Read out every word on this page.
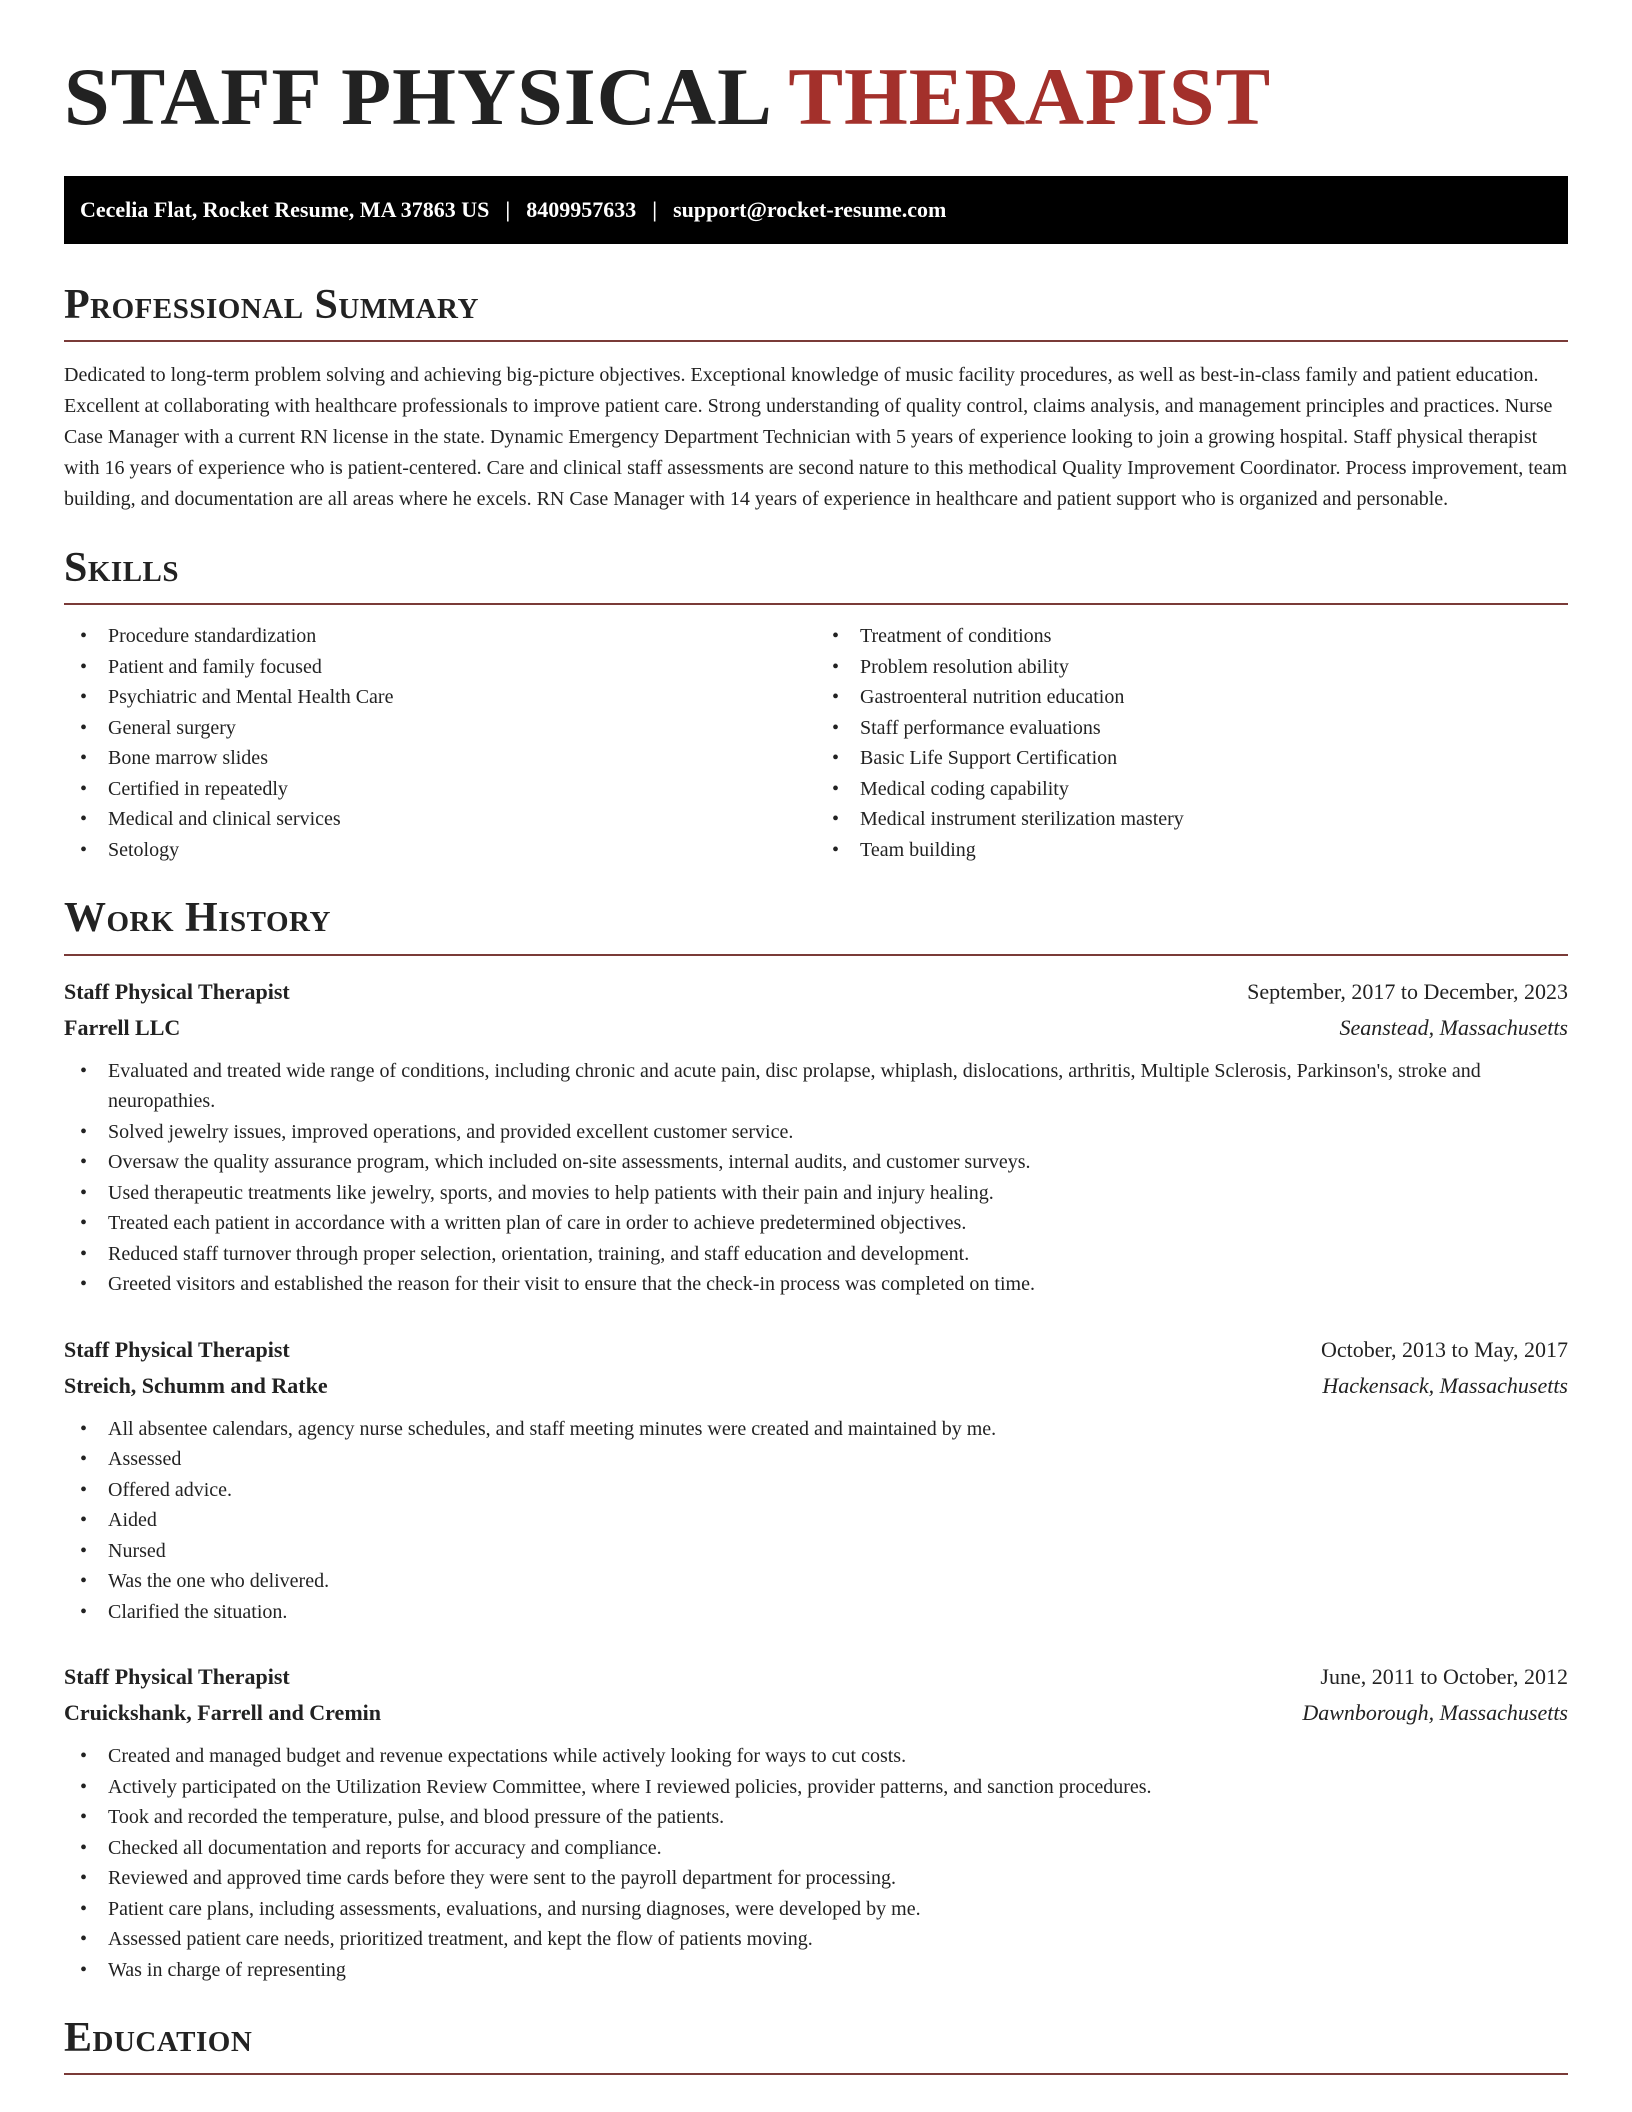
STAFF PHYSICAL THERAPIST
Cecelia Flat, Rocket Resume, MA 37863 US | 8409957633 | support@rocket-resume.com
Professional Summary

Dedicated to long-term problem solving and achieving big-picture objectives. Exceptional knowledge of music facility procedures, as well as best-in-class family and patient education. Excellent at collaborating with healthcare professionals to improve patient care. Strong understanding of quality control, claims analysis, and management principles and practices. Nurse Case Manager with a current RN license in the state. Dynamic Emergency Department Technician with 5 years of experience looking to join a growing hospital. Staff physical therapist with 16 years of experience who is patient-centered. Care and clinical staff assessments are second nature to this methodical Quality Improvement Coordinator. Process improvement, team building, and documentation are all areas where he excels. RN Case Manager with 14 years of experience in healthcare and patient support who is organized and personable.

Skills
• Procedure standardization
• Patient and family focused
• Psychiatric and Mental Health Care
• General surgery
• Bone marrow slides
• Certified in repeatedly
• Medical and clinical services
• Setology
• Treatment of conditions
• Problem resolution ability
• Gastroenteral nutrition education
• Staff performance evaluations
• Basic Life Support Certification
• Medical coding capability
• Medical instrument sterilization mastery
• Team building
Work History
Staff Physical Therapist	September, 2017 to December, 2023
Farrell LLC	Seanstead, Massachusetts
• Evaluated and treated wide range of conditions, including chronic and acute pain, disc prolapse, whiplash, dislocations, arthritis, Multiple Sclerosis, Parkinson's, stroke and neuropathies.
• Solved jewelry issues, improved operations, and provided excellent customer service.
• Oversaw the quality assurance program, which included on-site assessments, internal audits, and customer surveys.
• Used therapeutic treatments like jewelry, sports, and movies to help patients with their pain and injury healing.
• Treated each patient in accordance with a written plan of care in order to achieve predetermined objectives.
• Reduced staff turnover through proper selection, orientation, training, and staff education and development.
• Greeted visitors and established the reason for their visit to ensure that the check-in process was completed on time.
Staff Physical Therapist	October, 2013 to May, 2017
Streich, Schumm and Ratke	Hackensack, Massachusetts
• All absentee calendars, agency nurse schedules, and staff meeting minutes were created and maintained by me.
• Assessed
• Offered advice.
• Aided
• Nursed
• Was the one who delivered.
• Clarified the situation.
Staff Physical Therapist	June, 2011 to October, 2012
Cruickshank, Farrell and Cremin	Dawnborough, Massachusetts
• Created and managed budget and revenue expectations while actively looking for ways to cut costs.
• Actively participated on the Utilization Review Committee, where I reviewed policies, provider patterns, and sanction procedures.
• Took and recorded the temperature, pulse, and blood pressure of the patients.
• Checked all documentation and reports for accuracy and compliance.
• Reviewed and approved time cards before they were sent to the payroll department for processing.
• Patient care plans, including assessments, evaluations, and nursing diagnoses, were developed by me.
• Assessed patient care needs, prioritized treatment, and kept the flow of patients moving.
• Was in charge of representing
Education
